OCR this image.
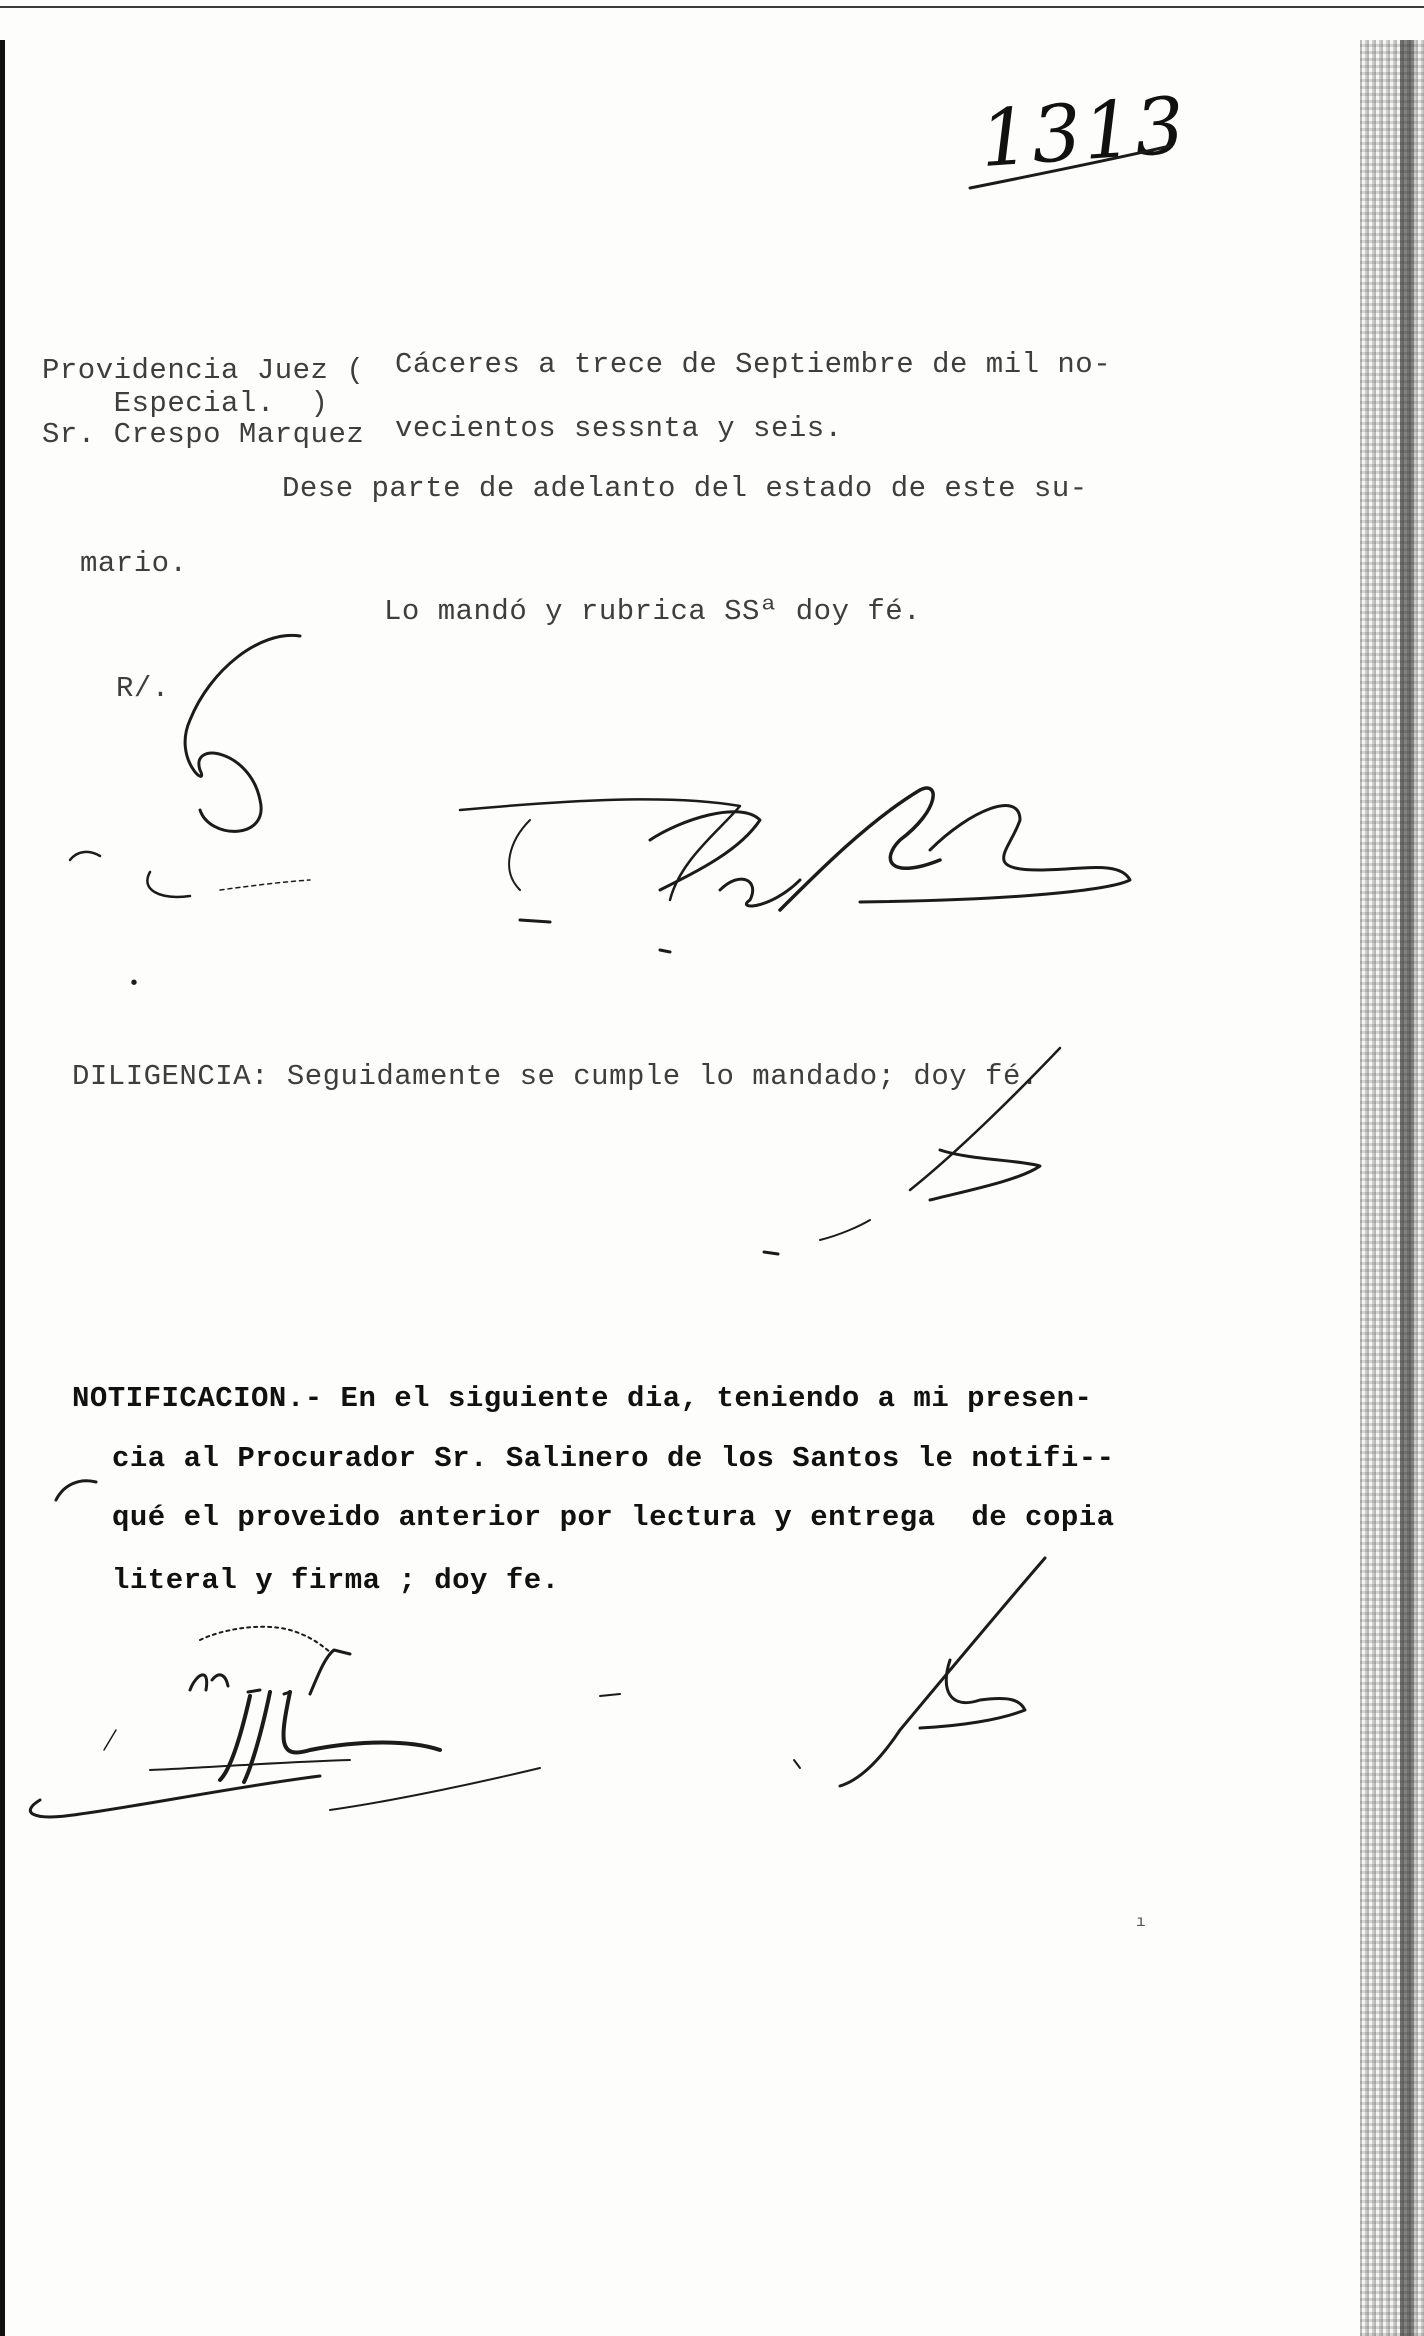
1313
Providencia Juez (
Especial.  )
Sr. Crespo Marquez
Cáceres a trece de Septiembre de mil no-
vecientos sessnta y seis.
Dese parte de adelanto del estado de este su-
mario.
Lo mandó y rubrica SSª doy fé.
R/.
•
DILIGENCIA: Seguidamente se cumple lo mandado; doy fé.
NOTIFICACION.- En el siguiente dia, teniendo a mi presen-
cia al Procurador Sr. Salinero de los Santos le notifi--
qué el proveido anterior por lectura y entrega  de copia
literal y firma ; doy fe.
ı
